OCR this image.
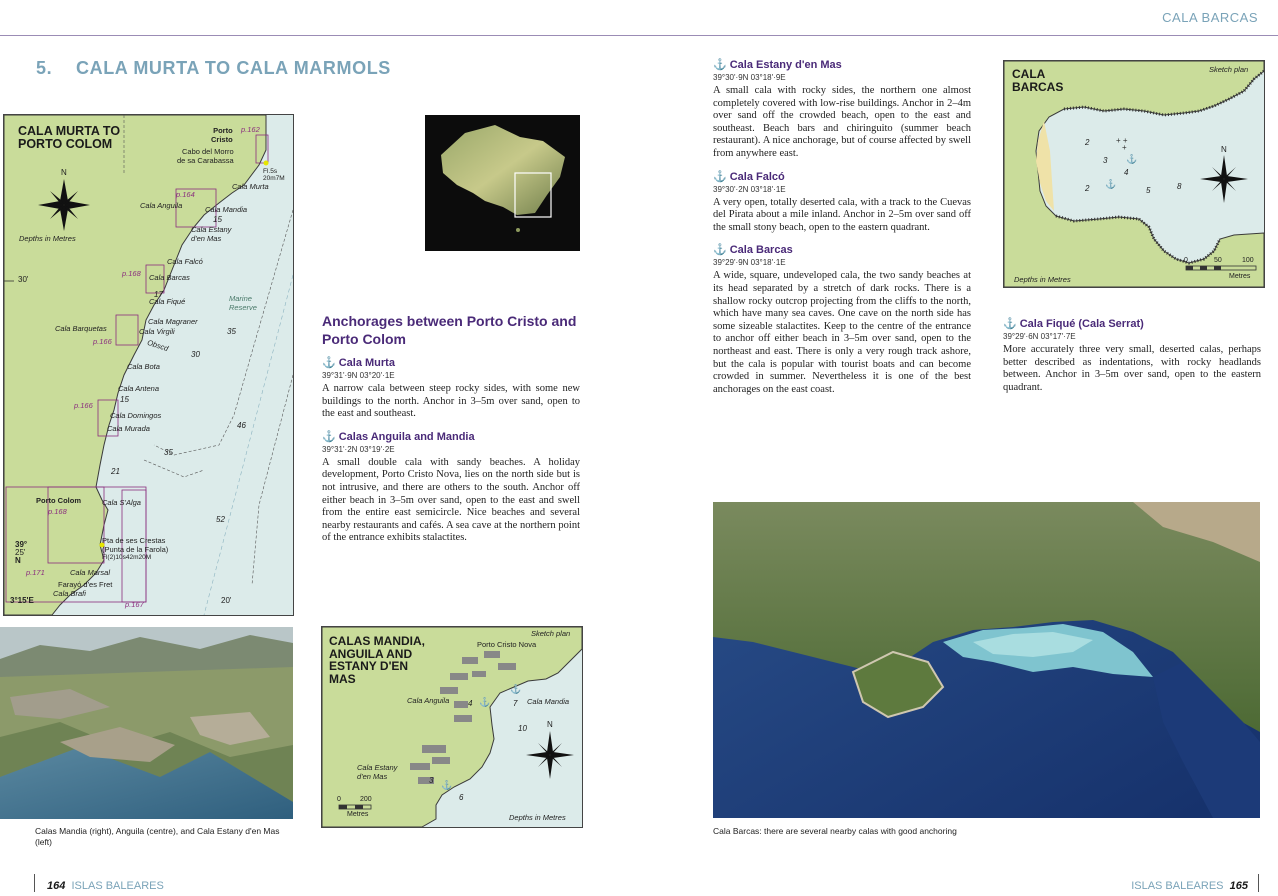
CALA BARCAS
5. CALA MURTA TO CALA MARMOLS
CALA MURTA TO
PORTO COLOM
N
Depths in Metres
30'
39°
25'
N
3°15'E	20'
Porto
Cristo
p.162
Cabo del Morro
de sa Carabassa
Fl.5s
20m7M
Cala Murta
p.164
Cala Anguila	Cala Mandia
15
Cala Estany
d'en Mas
Cala Falcó
p.168 Cala Barcas
17
Cala Fiqué	Marine
Reserve
Cala Magraner
Cala Barquetas	Cala Virgili	35
p.166	Obscd
30
Cala Bota
Cala Antena
15
p.166
Cala Domingos
Cala Murada	46
35
21
Porto Colom	Cala S'Alga
p.168
52
Pta de ses Crestas
(Punta de la Farola)
Fl(2)10s42m20M
p.171	Cala Marsal
Farayó d'es Fret
Cala Brafi
p.167
Anchorages between Porto Cristo and Porto Colom
⚓ Cala Murta
39°31'·9N 03°20'·1E
A narrow cala between steep rocky sides, with some new buildings to the north. Anchor in 3–5m over sand, open to the east and southeast.
⚓ Calas Anguila and Mandia
39°31'·2N 03°19'·2E
A small double cala with sandy beaches. A holiday development, Porto Cristo Nova, lies on the north side but is not intrusive, and there are others to the south. Anchor off either beach in 3–5m over sand, open to the east and swell from the entire east semicircle. Nice beaches and several nearby restaurants and cafés. A sea cave at the northern point of the entrance exhibits stalactites.
Calas Mandia (right), Anguila (centre), and Cala Estany d'en Mas (left)
CALAS MANDIA,
ANGUILA AND
ESTANY D'EN
MAS
Sketch plan
Porto Cristo Nova
Cala Anguila	Cala Mandia
4 ⚓
⚓
7
10
Cala Estany
d'en Mas	3 ⚓
6
N
0	200
Metres	Depths in Metres
⚓ Cala Estany d'en Mas
39°30'·9N 03°18'·9E
A small cala with rocky sides, the northern one almost completely covered with low-rise buildings. Anchor in 2–4m over sand off the crowded beach, open to the east and southeast. Beach bars and chiringuito (summer beach restaurant). A nice anchorage, but of course affected by swell from anywhere east.
⚓ Cala Falcó
39°30'·2N 03°18'·1E
A very open, totally deserted cala, with a track to the Cuevas del Pirata about a mile inland. Anchor in 2–5m over sand off the small stony beach, open to the eastern quadrant.
⚓ Cala Barcas
39°29'·9N 03°18'·1E
A wide, square, undeveloped cala, the two sandy beaches at its head separated by a stretch of dark rocks. There is a shallow rocky outcrop projecting from the cliffs to the north, which have many sea caves. One cave on the north side has some sizeable stalactites. Keep to the centre of the entrance to anchor off either beach in 3–5m over sand, open to the northeast and east. There is only a very rough track ashore, but the cala is popular with tourist boats and can become crowded in summer. Nevertheless it is one of the best anchorages on the east coast.
+ +
+
CALA
BARCAS
Sketch plan
2
3 ⚓
4
2 ⚓
5	8
N
0	50	100
Metres
Depths in Metres
⚓ Cala Fiqué (Cala Serrat)
39°29'·6N 03°17'·7E
More accurately three very small, deserted calas, perhaps better described as indentations, with rocky headlands between. Anchor in 3–5m over sand, open to the eastern quadrant.
Cala Barcas: there are several nearby calas with good anchoring
164 ISLAS BALEARES	ISLAS BALEARES 165
